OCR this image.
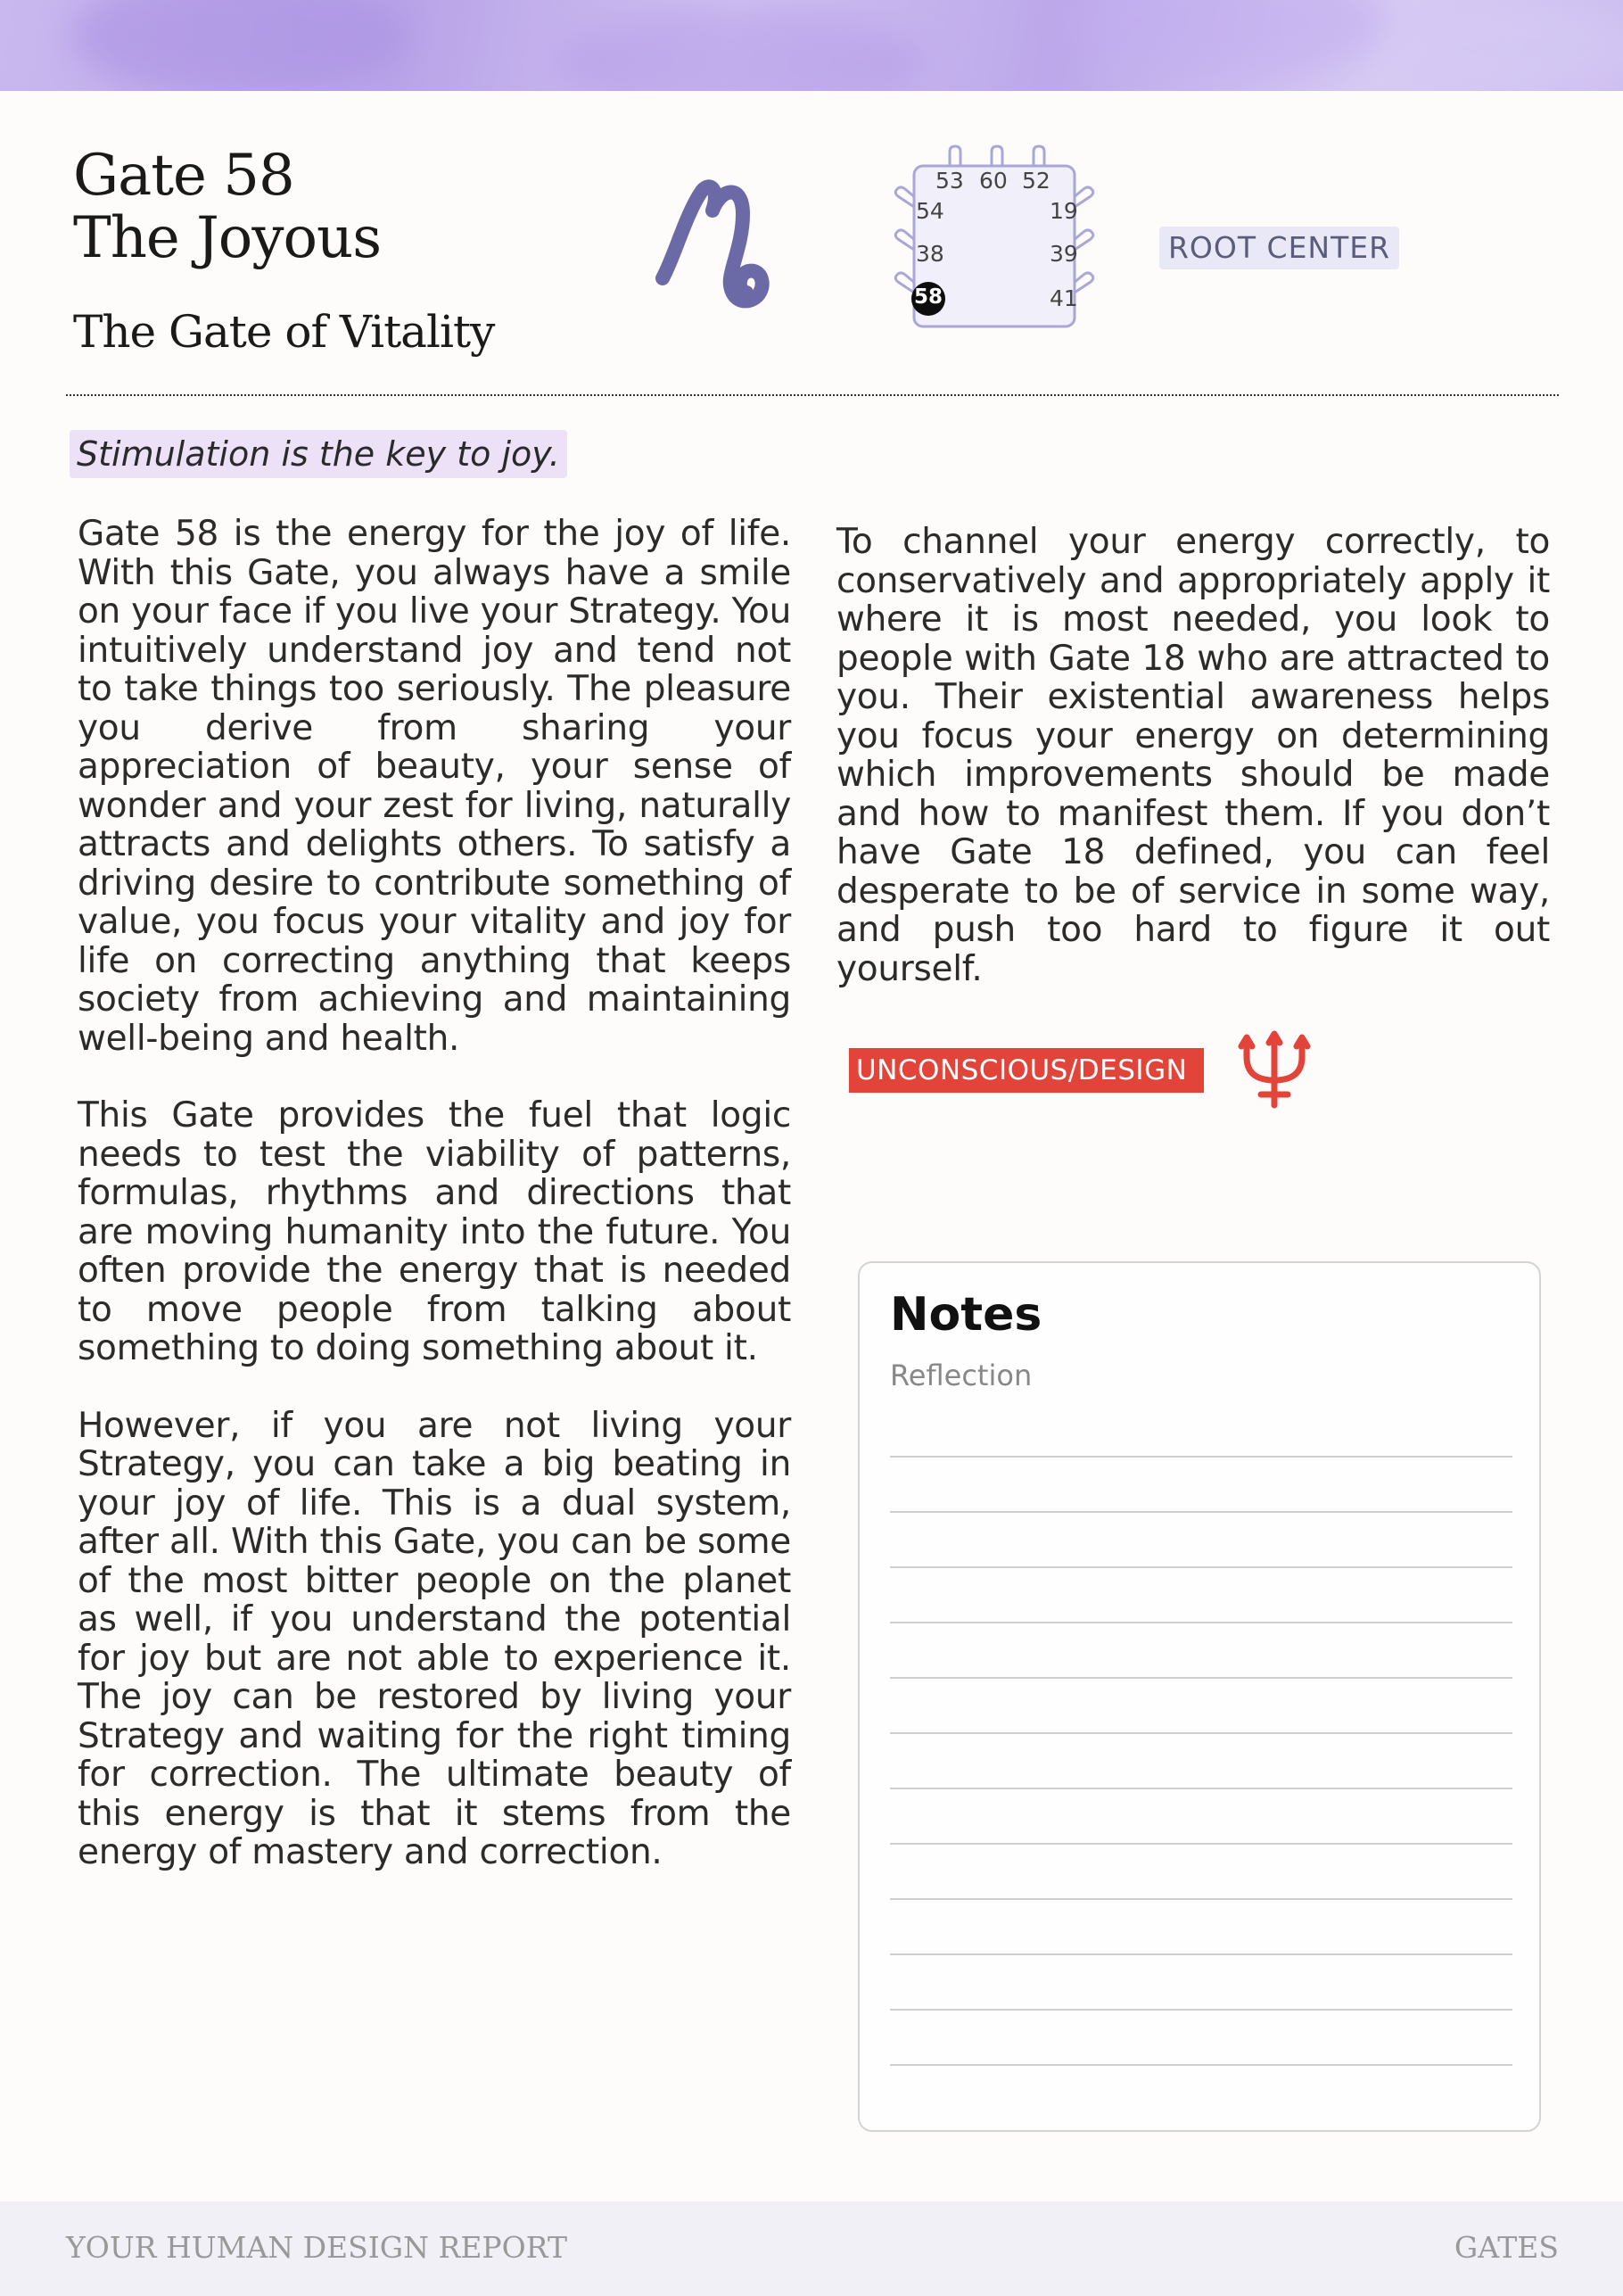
Gate 58
The Joyous
The Gate of Vitality
53 60 52
54
38
58
19
39
41
ROOT CENTER
Stimulation is the key to joy.

Gate 58 is the energy for the joy of life. With this Gate, you always have a smile on your face if you live your Strategy. You intuitively understand joy and tend not to take things too seriously. The pleasure you derive from sharing your appreciation of beauty, your sense of wonder and your zest for living, naturally attracts and delights others. To satisfy a driving desire to contribute something of value, you focus your vitality and joy for life on correcting anything that keeps society from achieving and maintaining well-being and health.

This Gate provides the fuel that logic needs to test the viability of patterns, formulas, rhythms and directions that are moving humanity into the future. You often provide the energy that is needed to move people from talking about something to doing something about it.

However, if you are not living your Strategy, you can take a big beating in your joy of life. This is a dual system, after all. With this Gate, you can be some of the most bitter people on the planet as well, if you understand the potential for joy but are not able to experience it. The joy can be restored by living your Strategy and waiting for the right timing for correction. The ultimate beauty of this energy is that it stems from the energy of mastery and correction.

To channel your energy correctly, to conservatively and appropriately apply it where it is most needed, you look to people with Gate 18 who are attracted to you. Their existential awareness helps you focus your energy on determining which improvements should be made and how to manifest them. If you don’t have Gate 18 defined, you can feel desperate to be of service in some way, and push too hard to figure it out yourself.

UNCONSCIOUS/DESIGN
Notes
Reflection
YOUR HUMAN DESIGN REPORT	GATES
